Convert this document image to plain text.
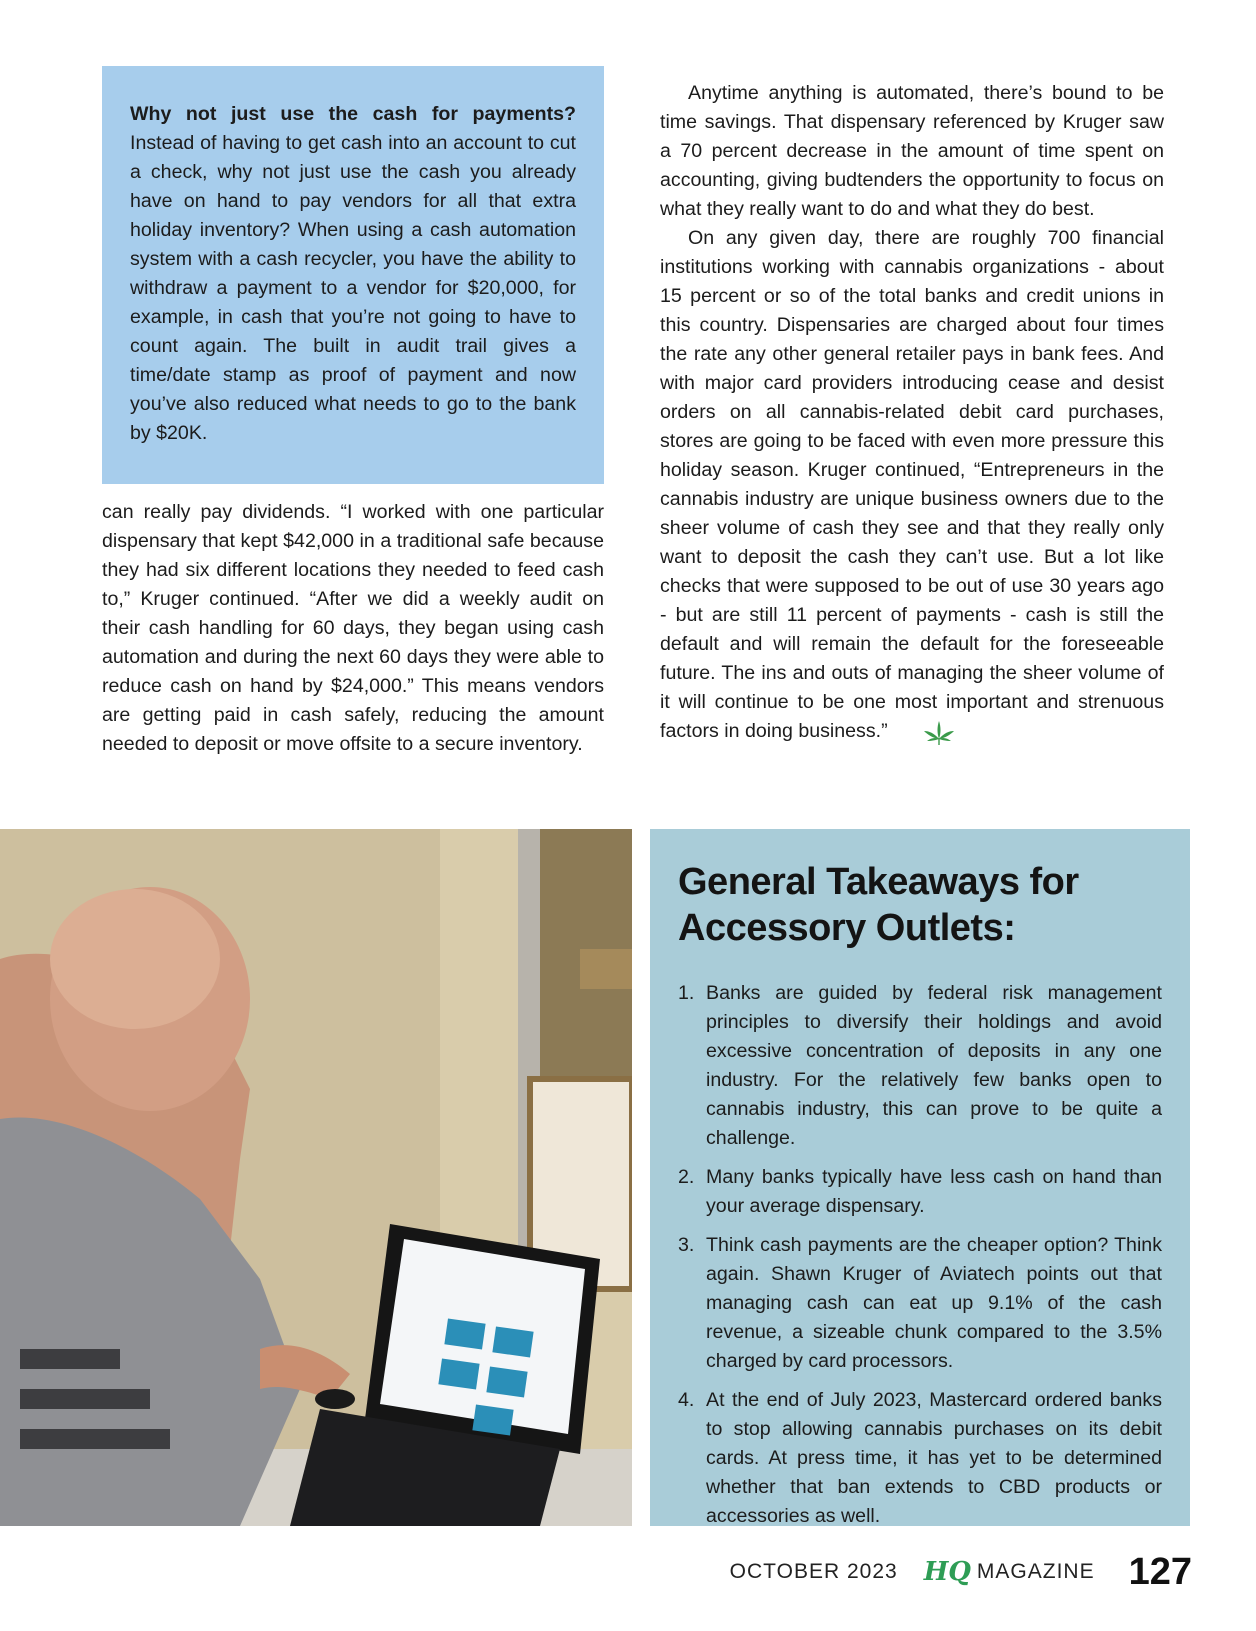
Why not just use the cash for payments? Instead of having to get cash into an account to cut a check, why not just use the cash you already have on hand to pay vendors for all that extra holiday inventory? When using a cash automation system with a cash recycler, you have the ability to withdraw a payment to a vendor for $20,000, for example, in cash that you’re not going to have to count again. The built in audit trail gives a time/date stamp as proof of payment and now you’ve also reduced what needs to go to the bank by $20K.

can really pay dividends. “I worked with one particular dispensary that kept $42,000 in a traditional safe because they had six different locations they needed to feed cash to,” Kruger continued. “After we did a weekly audit on their cash handling for 60 days, they began using cash automation and during the next 60 days they were able to reduce cash on hand by $24,000.” This means vendors are getting paid in cash safely, reducing the amount needed to deposit or move offsite to a secure inventory.

Anytime anything is automated, there’s bound to be time savings. That dispensary referenced by Kruger saw a 70 percent decrease in the amount of time spent on accounting, giving budtenders the opportunity to focus on what they really want to do and what they do best.

On any given day, there are roughly 700 financial institutions working with cannabis organizations - about 15 percent or so of the total banks and credit unions in this country. Dispensaries are charged about four times the rate any other general retailer pays in bank fees. And with major card providers introducing cease and desist orders on all cannabis-related debit card purchases, stores are going to be faced with even more pressure this holiday season. Kruger continued, “Entrepreneurs in the cannabis industry are unique business owners due to the sheer volume of cash they see and that they really only want to deposit the cash they can’t use. But a lot like checks that were supposed to be out of use 30 years ago - but are still 11 percent of payments - cash is still the default and will remain the default for the foreseeable future. The ins and outs of managing the sheer volume of it will continue to be one most important and strenuous factors in doing business.”

General Takeaways for Accessory Outlets:
1. Banks are guided by federal risk management principles to diversify their holdings and avoid excessive concentration of deposits in any one industry. For the relatively few banks open to cannabis industry, this can prove to be quite a challenge.
2. Many banks typically have less cash on hand than your average dispensary.
3. Think cash payments are the cheaper option? Think again. Shawn Kruger of Aviatech points out that managing cash can eat up 9.1% of the cash revenue, a sizeable chunk compared to the 3.5% charged by card processors.
4. At the end of July 2023, Mastercard ordered banks to stop allowing cannabis purchases on its debit cards. At press time, it has yet to be determined whether that ban extends to CBD products or accessories as well.
OCTOBER 2023 HQ MAGAZINE 127
